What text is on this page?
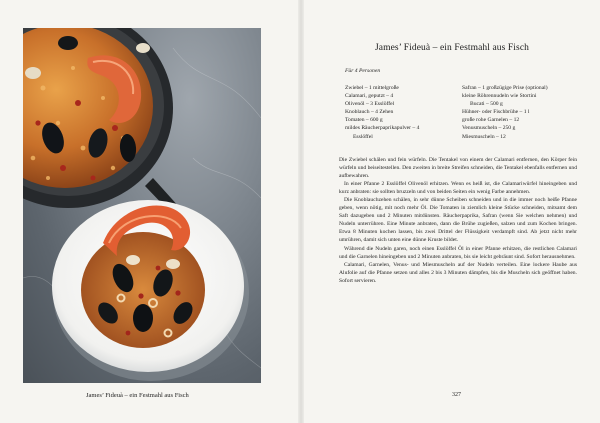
James’ Fideuà – ein Festmahl aus Fisch
James’ Fideuà – ein Festmahl aus Fisch
Für 4 Personen
Zwiebel – 1 mittelgroße
Calamari, geputzt – 4
Olivenöl – 3 Esslöffel
Knoblauch – 4 Zehen
Tomaten – 600 g
mildes Räucherpaprikapulver – 4
Esslöffel
Safran – 1 großzügige Prise (optional)
kleine Röhrennudeln wie Stortini
Bucati – 500 g
Hühner- oder Fischbrühe – 1 l
große rohe Garnelen – 12
Venusmuscheln – 250 g
Miesmuscheln – 12

Die Zwiebel schälen und fein würfeln. Die Tentakel von einem der Calamari entfernen, den Körper fein würfeln und beiseitestellen. Den zweiten in breite Streifen schneiden, die Tentakel ebenfalls entfernen und aufbewahren.

In einer Pfanne 2 Esslöffel Olivenöl erhitzen. Wenn es heiß ist, die Calamariwürfel hineingeben und kurz anbraten: sie sollten bruzzeln und von beiden Seiten ein wenig Farbe annehmen.

Die Knoblauchzehen schälen, in sehr dünne Scheiben schneiden und in die immer noch heiße Pfanne geben, wenn nötig, mit noch mehr Öl. Die Tomaten in ziemlich kleine Stücke schneiden, mitsamt dem Saft dazugeben und 2 Minuten mitdünsten. Räucherpaprika, Safran (wenn Sie welchen nehmen) und Nudeln unterrühren. Eine Minute anbraten, dann die Brühe zugießen, salzen und zum Kochen bringen. Etwa 8 Minuten kochen lassen, bis zwei Drittel der Flüssigkeit verdampft sind. Ab jetzt nicht mehr umrühren, damit sich unten eine dünne Kruste bildet.

Während die Nudeln garen, noch einen Esslöffel Öl in einer Pfanne erhitzen, die restlichen Calamari und die Garnelen hineingeben und 2 Minuten anbraten, bis sie leicht gebräunt sind. Sofort herausnehmen.

Calamari, Garnelen, Venus- und Miesmuscheln auf der Nudeln verteilen. Eine lockere Haube aus Alufolie auf die Pfanne setzen und alles 2 bis 3 Minuten dämpfen, bis die Muscheln sich geöffnet haben. Sofort servieren.

327
